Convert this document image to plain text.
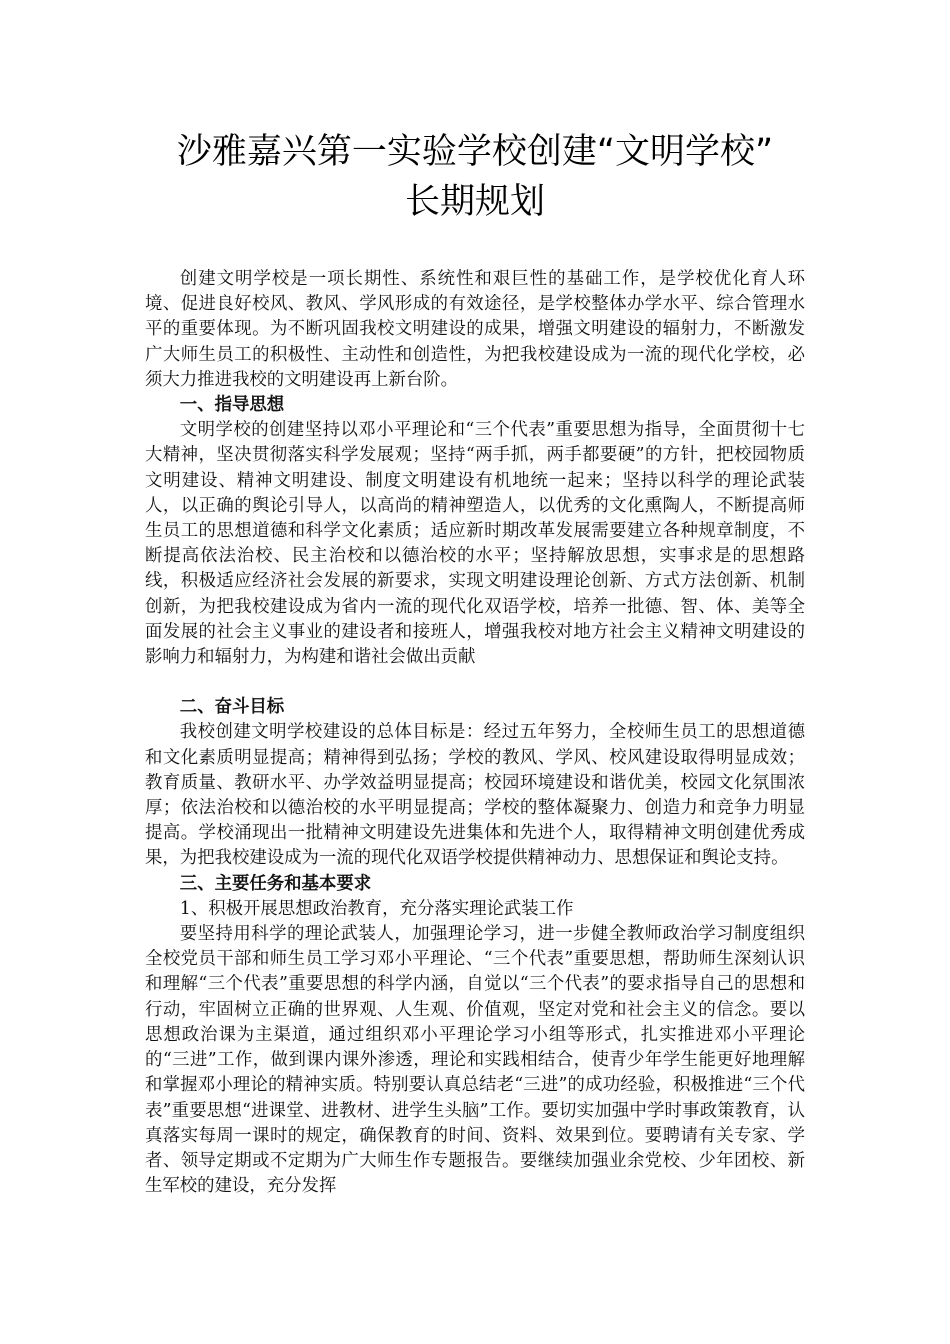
沙雅嘉兴第一实验学校创建“文明学校”
长期规划

创建文明学校是一项长期性、系统性和艰巨性的基础工作，是学校优化育人环境、促进良好校风、教风、学风形成的有效途径，是学校整体办学水平、综合管理水平的重要体现。为不断巩固我校文明建设的成果，增强文明建设的辐射力，不断激发广大师生员工的积极性、主动性和创造性，为把我校建设成为一流的现代化学校，必须大力推进我校的文明建设再上新台阶。

一、指导思想

文明学校的创建坚持以邓小平理论和“三个代表”重要思想为指导，全面贯彻十七大精神，坚决贯彻落实科学发展观；坚持“两手抓，两手都要硬”的方针，把校园物质文明建设、精神文明建设、制度文明建设有机地统一起来；坚持以科学的理论武装人，以正确的舆论引导人，以高尚的精神塑造人，以优秀的文化熏陶人，不断提高师生员工的思想道德和科学文化素质；适应新时期改革发展需要建立各种规章制度，不断提高依法治校、民主治校和以德治校的水平；坚持解放思想，实事求是的思想路线，积极适应经济社会发展的新要求，实现文明建设理论创新、方式方法创新、机制创新，为把我校建设成为省内一流的现代化双语学校，培养一批德、智、体、美等全面发展的社会主义事业的建设者和接班人，增强我校对地方社会主义精神文明建设的影响力和辐射力，为构建和谐社会做出贡献

二、奋斗目标

我校创建文明学校建设的总体目标是：经过五年努力，全校师生员工的思想道德和文化素质明显提高；精神得到弘扬；学校的教风、学风、校风建设取得明显成效；教育质量、教研水平、办学效益明显提高；校园环境建设和谐优美，校园文化氛围浓厚；依法治校和以德治校的水平明显提高；学校的整体凝聚力、创造力和竞争力明显提高。学校涌现出一批精神文明建设先进集体和先进个人，取得精神文明创建优秀成果，为把我校建设成为一流的现代化双语学校提供精神动力、思想保证和舆论支持。

三、主要任务和基本要求
1、积极开展思想政治教育，充分落实理论武装工作

要坚持用科学的理论武装人，加强理论学习，进一步健全教师政治学习制度组织全校党员干部和师生员工学习邓小平理论、“三个代表”重要思想，帮助师生深刻认识和理解“三个代表”重要思想的科学内涵，自觉以“三个代表”的要求指导自己的思想和行动，牢固树立正确的世界观、人生观、价值观，坚定对党和社会主义的信念。要以思想政治课为主渠道，通过组织邓小平理论学习小组等形式，扎实推进邓小平理论的“三进”工作，做到课内课外渗透，理论和实践相结合，使青少年学生能更好地理解和掌握邓小理论的精神实质。特别要认真总结老“三进”的成功经验，积极推进“三个代表”重要思想“进课堂、进教材、进学生头脑”工作。要切实加强中学时事政策教育，认真落实每周一课时的规定，确保教育的时间、资料、效果到位。要聘请有关专家、学者、领导定期或不定期为广大师生作专题报告。要继续加强业余党校、少年团校、新生军校的建设，充分发挥
